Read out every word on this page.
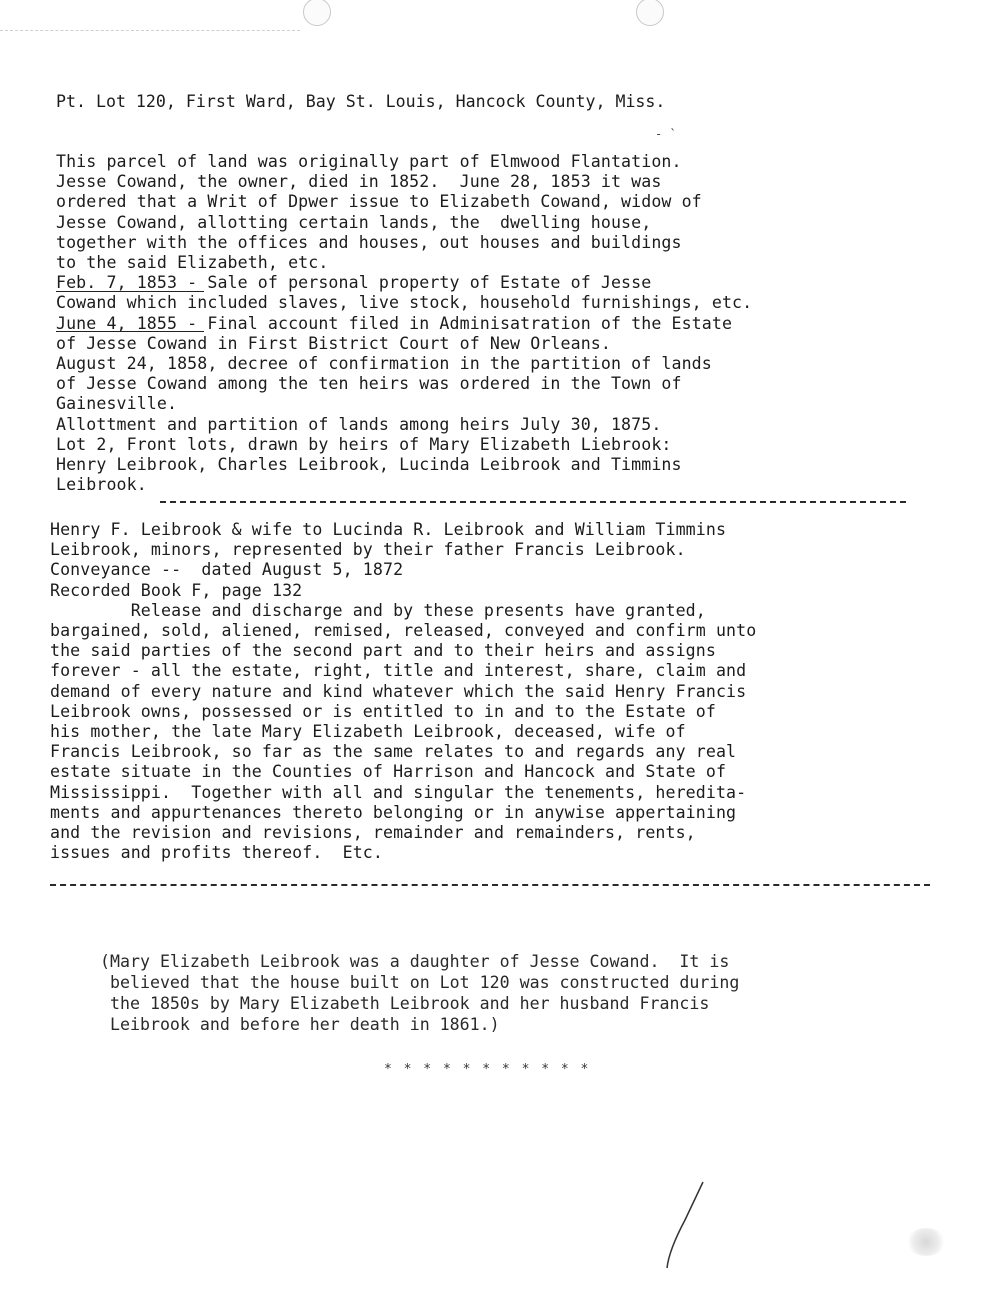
- `
Pt. Lot 120, First Ward, Bay St. Louis, Hancock County, Miss.
This parcel of land was originally part of Elmwood Flantation.
Jesse Cowand, the owner, died in 1852.  June 28, 1853 it was
ordered that a Writ of Dpwer issue to Elizabeth Cowand, widow of
Jesse Cowand, allotting certain lands, the  dwelling house,
together with the offices and houses, out houses and buildings
to the said Elizabeth, etc.
Feb. 7, 1853 - Sale of personal property of Estate of Jesse
Cowand which included slaves, live stock, household furnishings, etc.
June 4, 1855 - Final account filed in Adminisatration of the Estate
of Jesse Cowand in First Bistrict Court of New Orleans.
August 24, 1858, decree of confirmation in the partition of lands
of Jesse Cowand among the ten heirs was ordered in the Town of
Gainesville.
Allottment and partition of lands among heirs July 30, 1875.
Lot 2, Front lots, drawn by heirs of Mary Elizabeth Liebrook:
Henry Leibrook, Charles Leibrook, Lucinda Leibrook and Timmins
Leibrook.
Henry F. Leibrook & wife to Lucinda R. Leibrook and William Timmins
Leibrook, minors, represented by their father Francis Leibrook.
Conveyance --  dated August 5, 1872
Recorded Book F, page 132
Release and discharge and by these presents have granted,
bargained, sold, aliened, remised, released, conveyed and confirm unto
the said parties of the second part and to their heirs and assigns
forever - all the estate, right, title and interest, share, claim and
demand of every nature and kind whatever which the said Henry Francis
Leibrook owns, possessed or is entitled to in and to the Estate of
his mother, the late Mary Elizabeth Leibrook, deceased, wife of
Francis Leibrook, so far as the same relates to and regards any real
estate situate in the Counties of Harrison and Hancock and State of
Mississippi.  Together with all and singular the tenements, heredita-
ments and appurtenances thereto belonging or in anywise appertaining
and the revision and revisions, remainder and remainders, rents,
issues and profits thereof.  Etc.
(Mary Elizabeth Leibrook was a daughter of Jesse Cowand.  It is
believed that the house built on Lot 120 was constructed during
the 1850s by Mary Elizabeth Leibrook and her husband Francis
Leibrook and before her death in 1861.)
* * * * * * * * * * *
